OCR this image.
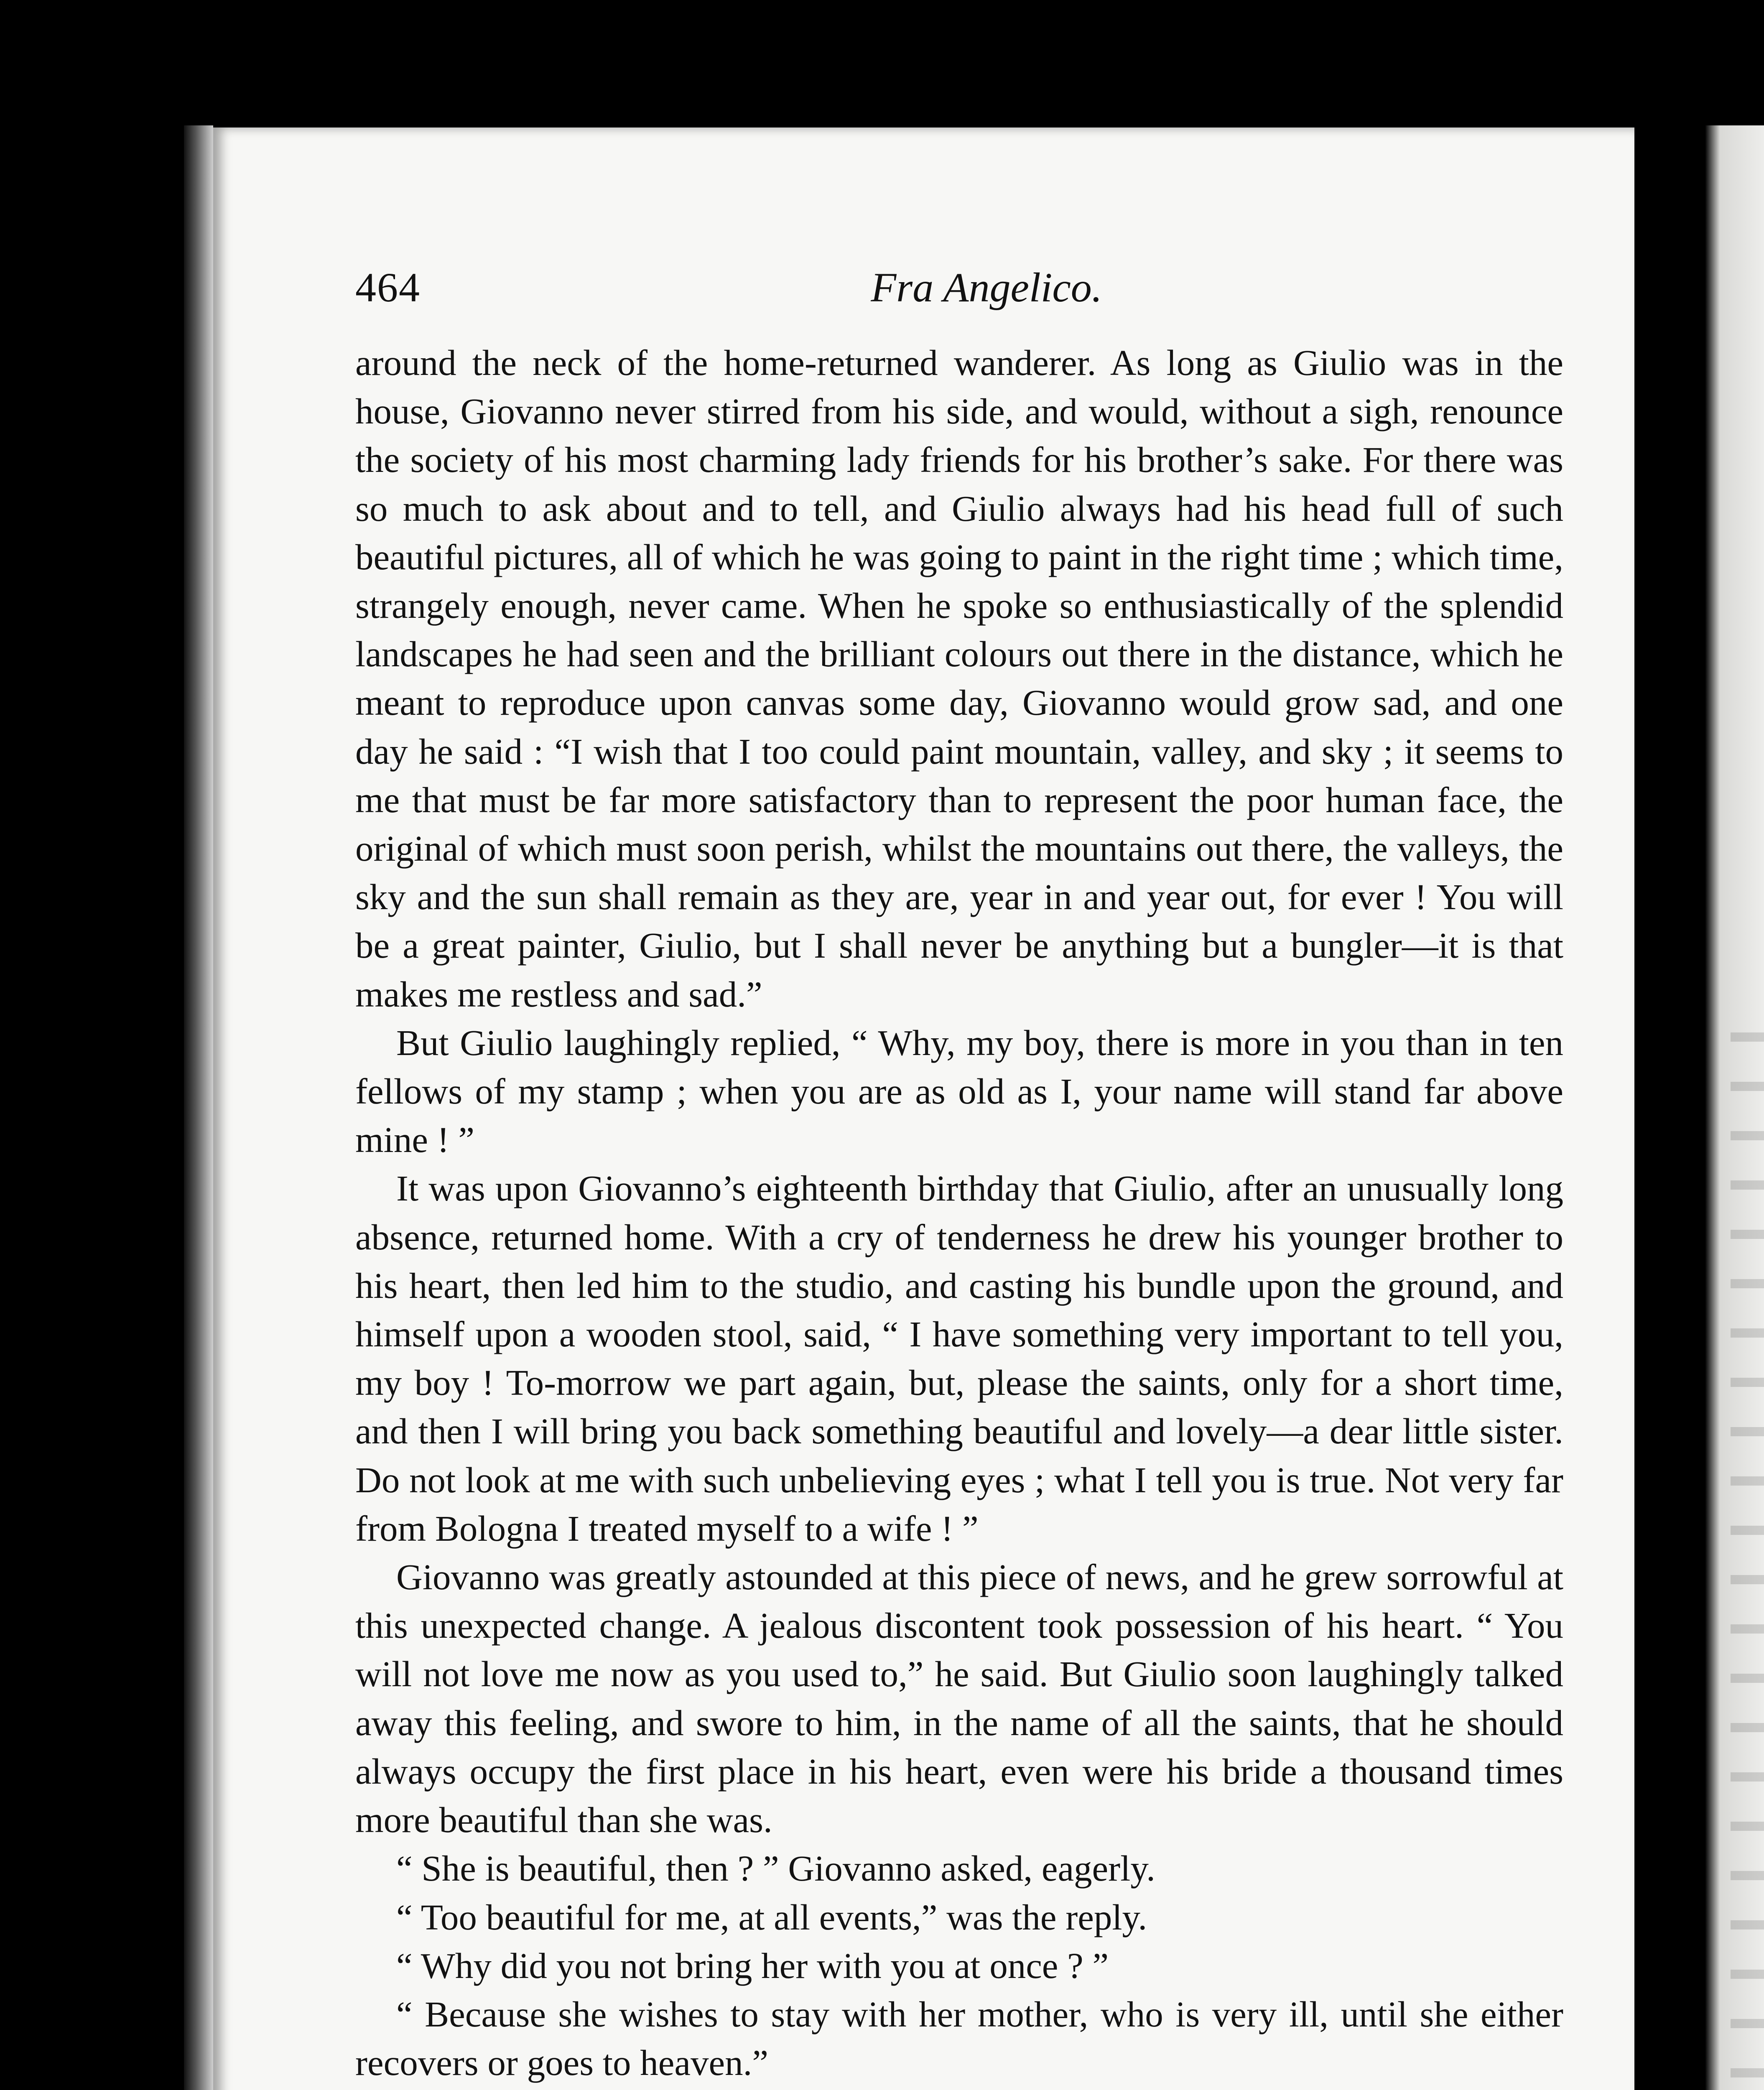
464	Fra Angelico.

around the neck of the home-returned wanderer. As long as Giulio was in the house, Giovanno never stirred from his side, and would, without a sigh, renounce the society of his most charming lady friends for his brother’s sake. For there was so much to ask about and to tell, and Giulio always had his head full of such beautiful pictures, all of which he was going to paint in the right time ; which time, strangely enough, never came. When he spoke so enthusiastically of the splendid landscapes he had seen and the brilliant colours out there in the distance, which he meant to reproduce upon canvas some day, Giovanno would grow sad, and one day he said : “I wish that I too could paint mountain, valley, and sky ; it seems to me that must be far more satisfactory than to represent the poor human face, the original of which must soon perish, whilst the mountains out there, the valleys, the sky and the sun shall remain as they are, year in and year out, for ever ! You will be a great painter, Giulio, but I shall never be anything but a bungler—it is that makes me restless and sad.”

But Giulio laughingly replied, “ Why, my boy, there is more in you than in ten fellows of my stamp ; when you are as old as I, your name will stand far above mine ! ”

It was upon Giovanno’s eighteenth birthday that Giulio, after an unusually long absence, returned home. With a cry of tenderness he drew his younger brother to his heart, then led him to the studio, and casting his bundle upon the ground, and himself upon a wooden stool, said, “ I have something very important to tell you, my boy ! To-morrow we part again, but, please the saints, only for a short time, and then I will bring you back something beautiful and lovely—a dear little sister. Do not look at me with such unbelieving eyes ; what I tell you is true. Not very far from Bologna I treated myself to a wife ! ”

Giovanno was greatly astounded at this piece of news, and he grew sorrowful at this unexpected change. A jealous discontent took possession of his heart. “ You will not love me now as you used to,” he said. But Giulio soon laughingly talked away this feeling, and swore to him, in the name of all the saints, that he should always occupy the first place in his heart, even were his bride a thousand times more beautiful than she was.

“ She is beautiful, then ? ” Giovanno asked, eagerly.

“ Too beautiful for me, at all events,” was the reply.

“ Why did you not bring her with you at once ? ”

“ Because she wishes to stay with her mother, who is very ill, until she either recovers or goes to heaven.”
